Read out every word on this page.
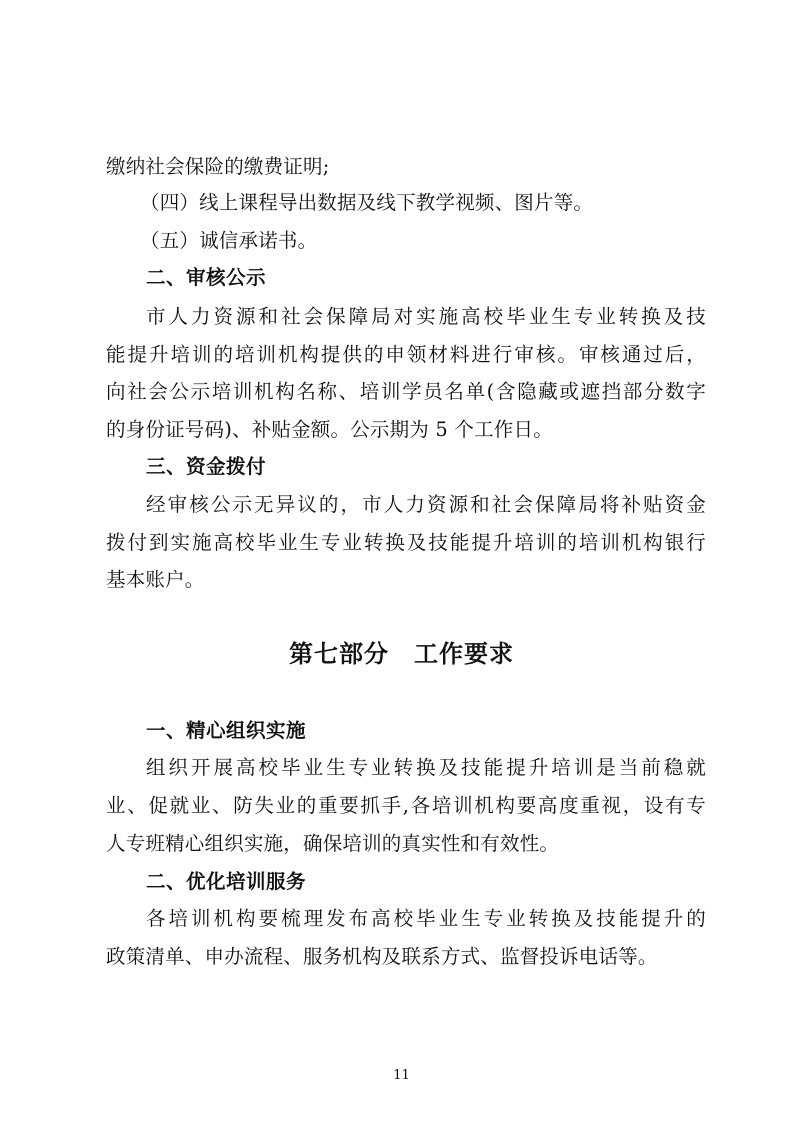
缴纳社会保险的缴费证明;
（四）线上课程导出数据及线下教学视频、图片等。
（五）诚信承诺书。
二、审核公示
市人力资源和社会保障局对实施高校毕业生专业转换及技
能提升培训的培训机构提供的申领材料进行审核。审核通过后，
向社会公示培训机构名称、培训学员名单(含隐藏或遮挡部分数字
的身份证号码)、补贴金额。公示期为 5 个工作日。
三、资金拨付
经审核公示无异议的，市人力资源和社会保障局将补贴资金
拨付到实施高校毕业生专业转换及技能提升培训的培训机构银行
基本账户。
第七部分　工作要求
一、精心组织实施
组织开展高校毕业生专业转换及技能提升培训是当前稳就
业、促就业、防失业的重要抓手,各培训机构要高度重视，设有专
人专班精心组织实施，确保培训的真实性和有效性。
二、优化培训服务
各培训机构要梳理发布高校毕业生专业转换及技能提升的
政策清单、申办流程、服务机构及联系方式、监督投诉电话等。
11
